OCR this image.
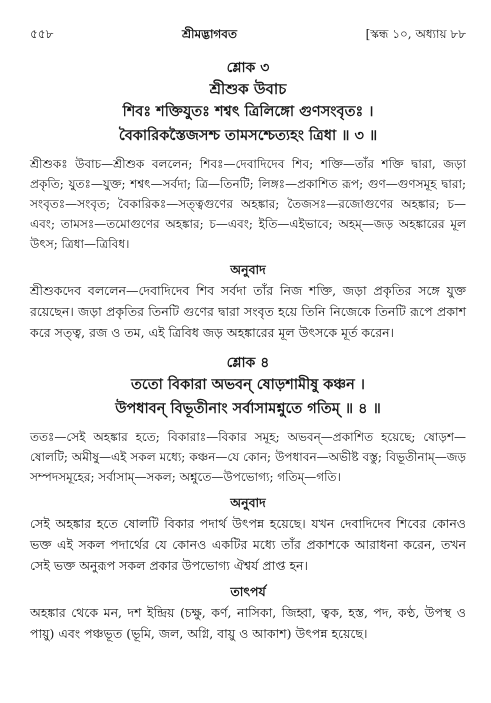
৫৫৮	শ্রীমদ্ভাগবত	[স্কন্ধ ১০, অধ্যায় ৮৮
শ্লোক ৩
শ্রীশুক উবাচ
শিবঃ শক্তিযুতঃ শশ্বৎ ত্রিলিঙ্গো গুণসংবৃতঃ ।
বৈকারিকস্তৈজসশ্চ তামসশ্চেত্যহং ত্রিধা ॥ ৩ ॥
শ্রীশুকঃ উবাচ—শ্রীশুক বললেন; শিবঃ—দেবাদিদেব শিব; শক্তি—তাঁর শক্তি দ্বারা, জড়া প্রকৃতি; যুতঃ—যুক্ত; শশ্বৎ—সর্বদা; ত্রি—তিনটি; লিঙ্গঃ—প্রকাশিত রূপ; গুণ—গুণসমূহ দ্বারা; সংবৃতঃ—সংবৃত; বৈকারিকঃ—সত্ত্বগুণের অহঙ্কার; তৈজসঃ—রজোগুণের অহঙ্কার; চ—এবং; তামসঃ—তমোগুণের অহঙ্কার; চ—এবং; ইতি—এইভাবে; অহম্—জড় অহঙ্কারের মূল উৎস; ত্রিধা—ত্রিবিধ।
অনুবাদ
শ্রীশুকদেব বললেন—দেবাদিদেব শিব সর্বদা তাঁর নিজ শক্তি, জড়া প্রকৃতির সঙ্গে যুক্ত রয়েছেন। জড়া প্রকৃতির তিনটি গুণের দ্বারা সংবৃত হয়ে তিনি নিজেকে তিনটি রূপে প্রকাশ করে সত্ত্ব, রজ ও তম, এই ত্রিবিধ জড় অহঙ্কারের মূল উৎসকে মূর্ত করেন।
শ্লোক ৪
ততো বিকারা অভবন্ ষোড়শামীষু কঞ্চন ।
উপধাবন্ বিভূতীনাং সর্বাসামশ্নুতে গতিম্ ॥ ৪ ॥
ততঃ—সেই অহঙ্কার হতে; বিকারাঃ—বিকার সমূহ; অভবন্—প্রকাশিত হয়েছে; ষোড়শ—ষোলটি; অমীষু—এই সকল মধ্যে; কঞ্চন—যে কোন; উপধাবন—অভীষ্ট বস্তু; বিভূতীনাম্—জড় সম্পদসমূহের; সর্বাসাম্—সকল; অশ্নুতে—উপভোগ্য; গতিম্—গতি।
অনুবাদ
সেই অহঙ্কার হতে ষোলটি বিকার পদার্থ উৎপন্ন হয়েছে। যখন দেবাদিদেব শিবের কোনও ভক্ত এই সকল পদার্থের যে কোনও একটির মধ্যে তাঁর প্রকাশকে আরাধনা করেন, তখন সেই ভক্ত অনুরূপ সকল প্রকার উপভোগ্য ঐশ্বর্য প্রাপ্ত হন।
তাৎপর্য
অহঙ্কার থেকে মন, দশ ইন্দ্রিয় (চক্ষু, কর্ণ, নাসিকা, জিহ্বা, ত্বক, হস্ত, পদ, কণ্ঠ, উপস্থ ও পায়ু) এবং পঞ্চভূত (ভূমি, জল, অগ্নি, বায়ু ও আকাশ) উৎপন্ন হয়েছে।
